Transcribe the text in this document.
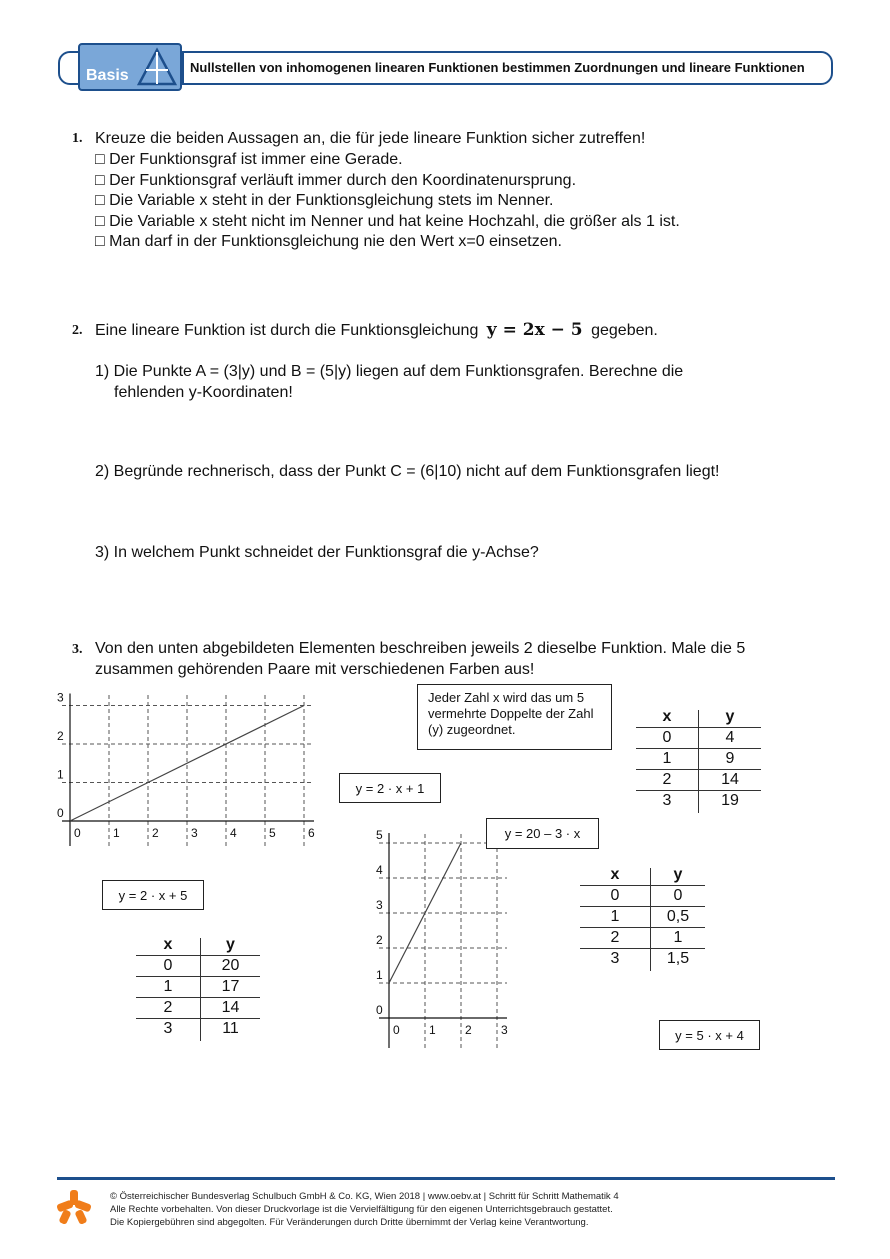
Basis	Nullstellen von inhomogenen linearen Funktionen bestimmen Zuordnungen und lineare Funktionen
1. Kreuze die beiden Aussagen an, die für jede lineare Funktion sicher zutreffen!
□ Der Funktionsgraf ist immer eine Gerade.
□ Der Funktionsgraf verläuft immer durch den Koordinatenursprung.
□ Die Variable x steht in der Funktionsgleichung stets im Nenner.
□ Die Variable x steht nicht im Nenner und hat keine Hochzahl, die größer als 1 ist.
□ Man darf in der Funktionsgleichung nie den Wert x=0 einsetzen.
2. Eine lineare Funktion ist durch die Funktionsgleichung y = 2x − 5 gegeben.
1) Die Punkte A = (3|y) und B = (5|y) liegen auf dem Funktionsgrafen. Berechne die
fehlenden y-Koordinaten!
2) Begründe rechnerisch, dass der Punkt C = (6|10) nicht auf dem Funktionsgrafen liegt!
3) In welchem Punkt schneidet der Funktionsgraf die y-Achse?
3. Von den unten abgebildeten Elementen beschreiben jeweils 2 dieselbe Funktion. Male die 5
zusammen gehörenden Paare mit verschiedenen Farben aus!
0	1	2	3	4	5	6
0
1
2
3
0 1 2 3
0
1
2
3
4
5
Jeder Zahl x wird das um 5 vermehrte Doppelte der Zahl (y) zugeordnet.
y = 2 · x + 1
y = 20 – 3 · x
y = 2 · x + 5
y = 5 · x + 4
x	y
0	4
1	9
2	14
3	19
x	y
0	0
1	0,5
2	1
3	1,5
x	y
0	20
1	17
2	14
3	11
© Österreichischer Bundesverlag Schulbuch GmbH & Co. KG, Wien 2018 | www.oebv.at | Schritt für Schritt Mathematik 4
Alle Rechte vorbehalten. Von dieser Druckvorlage ist die Vervielfältigung für den eigenen Unterrichtsgebrauch gestattet.
Die Kopiergebühren sind abgegolten. Für Veränderungen durch Dritte übernimmt der Verlag keine Verantwortung.
